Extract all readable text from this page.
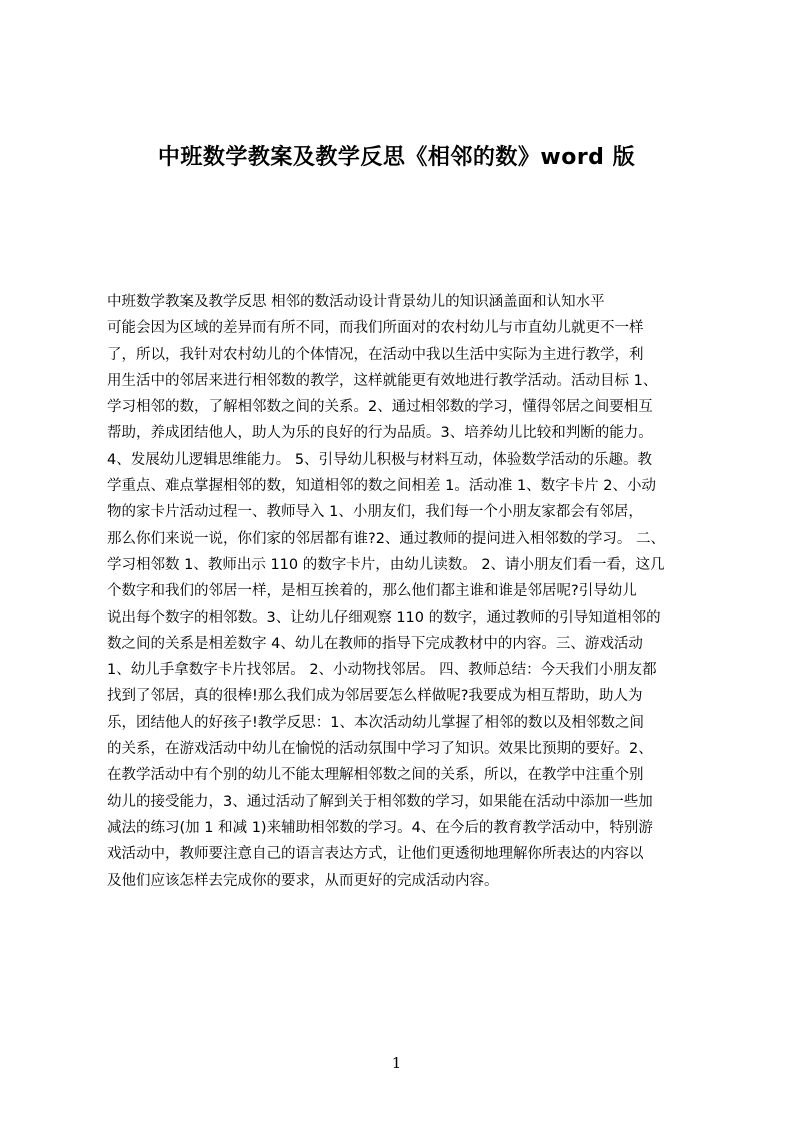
中班数学教案及教学反思《相邻的数》word 版
中班数学教案及教学反思 相邻的数活动设计背景幼儿的知识涵盖面和认知水平
可能会因为区域的差异而有所不同，而我们所面对的农村幼儿与市直幼儿就更不一样
了，所以，我针对农村幼儿的个体情况，在活动中我以生活中实际为主进行教学，利
用生活中的邻居来进行相邻数的教学，这样就能更有效地进行教学活动。活动目标 1、
学习相邻的数，了解相邻数之间的关系。2、通过相邻数的学习，懂得邻居之间要相互
帮助，养成团结他人，助人为乐的良好的行为品质。3、培养幼儿比较和判断的能力。
4、发展幼儿逻辑思维能力。 5、引导幼儿积极与材料互动，体验数学活动的乐趣。教
学重点、难点掌握相邻的数，知道相邻的数之间相差 1。活动准 1、数字卡片 2、小动
物的家卡片活动过程一、教师导入 1、小朋友们，我们每一个小朋友家都会有邻居，
那么你们来说一说，你们家的邻居都有谁?2、通过教师的提问进入相邻数的学习。 二、
学习相邻数 1、教师出示 110 的数字卡片，由幼儿读数。 2、请小朋友们看一看，这几
个数字和我们的邻居一样，是相互挨着的，那么他们都主谁和谁是邻居呢?引导幼儿
说出每个数字的相邻数。3、让幼儿仔细观察 110 的数字，通过教师的引导知道相邻的
数之间的关系是相差数字 4、幼儿在教师的指导下完成教材中的内容。三、游戏活动
1、幼儿手拿数字卡片找邻居。 2、小动物找邻居。 四、教师总结：今天我们小朋友都
找到了邻居，真的很棒!那么我们成为邻居要怎么样做呢?我要成为相互帮助，助人为
乐，团结他人的好孩子!教学反思：1、本次活动幼儿掌握了相邻的数以及相邻数之间
的关系，在游戏活动中幼儿在愉悦的活动氛围中学习了知识。效果比预期的要好。2、
在教学活动中有个别的幼儿不能太理解相邻数之间的关系，所以，在教学中注重个别
幼儿的接受能力，3、通过活动了解到关于相邻数的学习，如果能在活动中添加一些加
减法的练习(加 1 和减 1)来辅助相邻数的学习。4、在今后的教育教学活动中，特别游
戏活动中，教师要注意自己的语言表达方式，让他们更透彻地理解你所表达的内容以
及他们应该怎样去完成你的要求，从而更好的完成活动内容。
1
